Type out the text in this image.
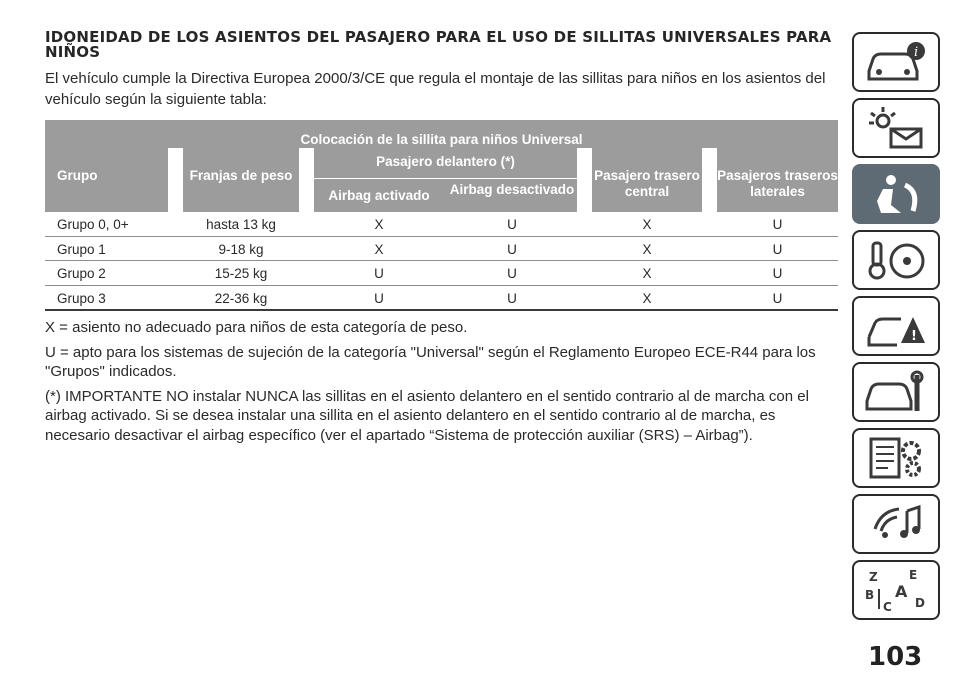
IDONEIDAD DE LOS ASIENTOS DEL PASAJERO PARA EL USO DE SILLITAS UNIVERSALES PARA NIÑOS
El vehículo cumple la Directiva Europea 2000/3/CE que regula el montaje de las sillitas para niños en los asientos del vehículo según la siguiente tabla:
Colocación de la sillita para niños Universal
Grupo	Franjas de peso
Pasajero delantero (*)
Airbag activado	Airbag desactivado
Pasajero trasero central
Pasajeros traseros laterales
Grupo 0, 0+	hasta 13 kg	X	U	X	U
Grupo 1	9-18 kg	X	U	X	U
Grupo 2	15-25 kg	U	U	X	U
Grupo 3	22-36 kg	U	U	X	U

X = asiento no adecuado para niños de esta categoría de peso.

U = apto para los sistemas de sujeción de la categoría "Universal" según el Reglamento Europeo ECE-R44 para los "Grupos" indicados.

(*) IMPORTANTE NO instalar NUNCA las sillitas en el asiento delantero en el sentido contrario al de marcha con el airbag activado. Si se desea instalar una sillita en el asiento delantero en el sentido contrario al de marcha, es necesario desactivar el airbag específico (ver el apartado “Sistema de protección auxiliar (SRS) – Airbag”).

i
!
Z	E
B A
C D
103
